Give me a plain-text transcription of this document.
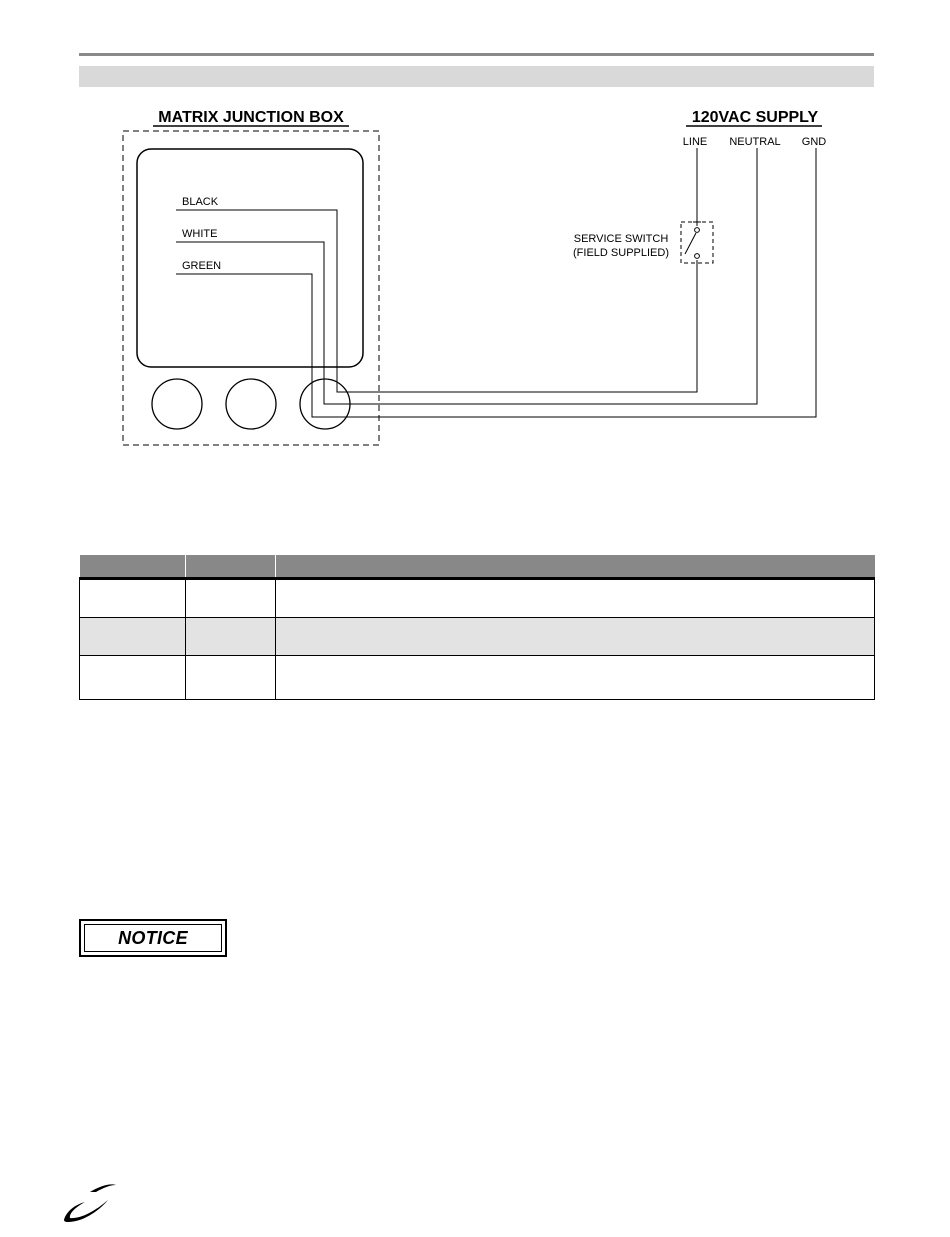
MATRIX JUNCTION BOX	120VAC SUPPLY
BLACK
WHITE
GREEN
LINE NEUTRAL GND
SERVICE SWITCH
(FIELD SUPPLIED)

NOTICE
